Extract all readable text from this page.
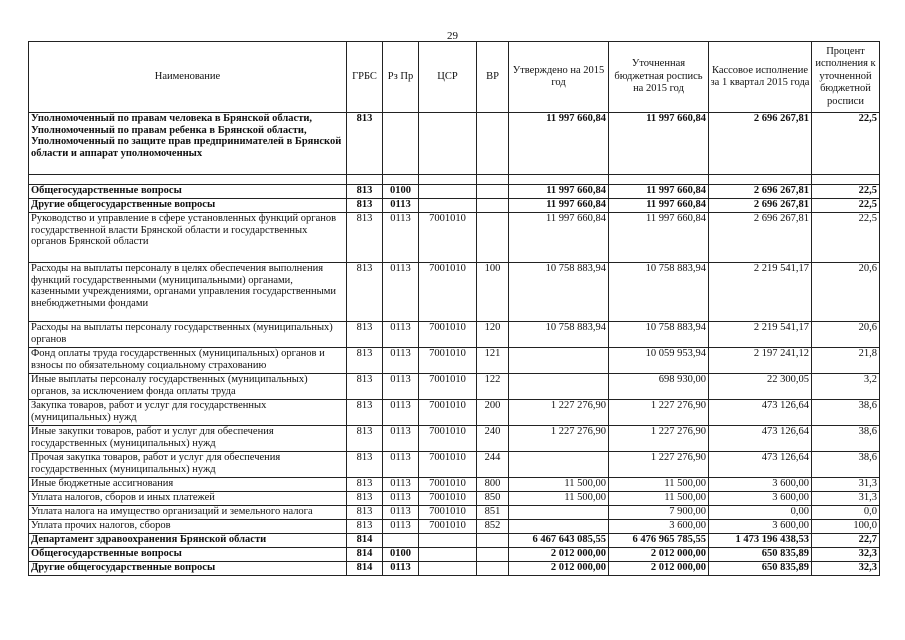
29
Наименование	ГРБС	Рз Пр	ЦСР	ВР	Утверждено на 2015 год	Уточненная бюджетная роспись на 2015 год	Кассовое исполнение за 1 квартал 2015 года	Процент исполнения к уточненной бюджетной росписи
Уполномоченный по правам человека в Брянской области, Уполномоченный по правам ребенка в Брянской области, Уполномоченный по защите прав предпринимателей в Брянской области и аппарат уполномоченных	813				11 997 660,84	11 997 660,84	2 696 267,81	22,5

Общегосударственные вопросы	813	0100			11 997 660,84	11 997 660,84	2 696 267,81	22,5
Другие общегосударственные вопросы	813	0113			11 997 660,84	11 997 660,84	2 696 267,81	22,5
Руководство и управление в сфере установленных функций органов государственной власти Брянской области и государственных органов Брянской области	813	0113	7001010		11 997 660,84	11 997 660,84	2 696 267,81	22,5
Расходы на выплаты персоналу в целях обеспечения выполнения функций государственными (муниципальными) органами, казенными учреждениями, органами управления государственными внебюджетными фондами	813	0113	7001010	100	10 758 883,94	10 758 883,94	2 219 541,17	20,6
Расходы на выплаты персоналу государственных (муниципальных) органов	813	0113	7001010	120	10 758 883,94	10 758 883,94	2 219 541,17	20,6
Фонд оплаты труда государственных (муниципальных) органов и взносы по обязательному социальному страхованию	813	0113	7001010	121		10 059 953,94	2 197 241,12	21,8
Иные выплаты персоналу государственных (муниципальных) органов, за исключением фонда оплаты труда	813	0113	7001010	122		698 930,00	22 300,05	3,2
Закупка товаров, работ и услуг для государственных (муниципальных) нужд	813	0113	7001010	200	1 227 276,90	1 227 276,90	473 126,64	38,6
Иные закупки товаров, работ и услуг для обеспечения государственных (муниципальных) нужд	813	0113	7001010	240	1 227 276,90	1 227 276,90	473 126,64	38,6
Прочая закупка товаров, работ и услуг для обеспечения государственных (муниципальных) нужд	813	0113	7001010	244		1 227 276,90	473 126,64	38,6
Иные бюджетные ассигнования	813	0113	7001010	800	11 500,00	11 500,00	3 600,00	31,3
Уплата налогов, сборов и иных платежей	813	0113	7001010	850	11 500,00	11 500,00	3 600,00	31,3
Уплата налога на имущество организаций и земельного налога	813	0113	7001010	851		7 900,00	0,00	0,0
Уплата прочих налогов, сборов	813	0113	7001010	852		3 600,00	3 600,00	100,0
Департамент здравоохранения Брянской области	814				6 467 643 085,55	6 476 965 785,55	1 473 196 438,53	22,7
Общегосударственные вопросы	814	0100			2 012 000,00	2 012 000,00	650 835,89	32,3
Другие общегосударственные вопросы	814	0113			2 012 000,00	2 012 000,00	650 835,89	32,3
